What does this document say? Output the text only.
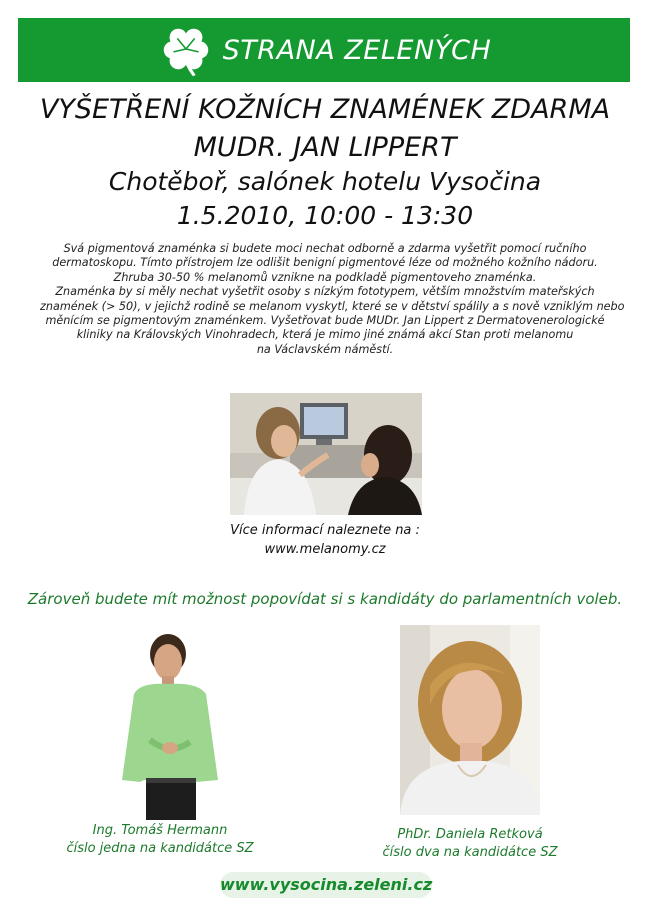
STRANA ZELENÝCH
VYŠETŘENÍ KOŽNÍCH ZNAMÉNEK ZDARMA
MUDR. JAN LIPPERT
Chotěboř, salónek hotelu Vysočina
1.5.2010, 10:00 - 13:30
Svá pigmentová znaménka si budete moci nechat odborně a zdarma vyšetřit pomocí ručního
dermatoskopu. Tímto přístrojem lze odlišit benigní pigmentové léze od možného kožního nádoru.
Zhruba 30-50 % melanomů vznikne na podkladě pigmentoveho znaménka.
Znaménka by si měly nechat vyšetřit osoby s nízkým fototypem, větším množstvím mateřských
znamének (> 50), v jejichž rodině se melanom vyskytl, které se v dětství spálily a s nově vzniklým nebo
měnícím se pigmentovým znaménkem. Vyšetřovat bude MUDr. Jan Lippert z Dermatovenerologické
kliniky na Královských Vinohradech, která je mimo jiné známá akcí Stan proti melanomu
na Václavském náměstí.
Více informací naleznete na :
www.melanomy.cz
Zároveň budete mít možnost popovídat si s kandidáty do parlamentních voleb.
Ing. Tomáš Hermann
číslo jedna na kandidátce SZ
PhDr. Daniela Retková
číslo dva na kandidátce SZ
www.vysocina.zeleni.cz
